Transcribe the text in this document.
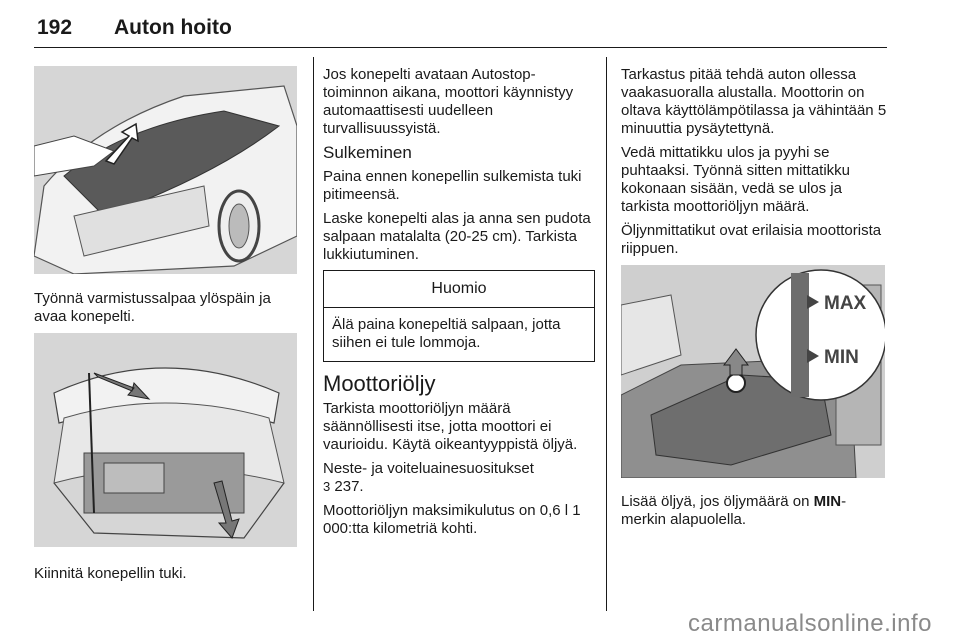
192 Auton hoito

Työnnä varmistussalpaa ylöspäin ja avaa konepelti.

Kiinnitä konepellin tuki.

Jos konepelti avataan Autostop-toiminnon aikana, moottori käynnistyy automaattisesti uudelleen turvallisuussyistä.

Sulkeminen

Paina ennen konepellin sulkemista tuki pitimeensä.

Laske konepelti alas ja anna sen pudota salpaan matalalta (20-25 cm). Tarkista lukkiutuminen.

Huomio
Älä paina konepeltiä salpaan, jotta siihen ei tule lommoja.
Moottoriöljy

Tarkista moottoriöljyn määrä säännöllisesti itse, jotta moottori ei vaurioidu. Käytä oikeantyyppistä öljyä.

Neste- ja voiteluainesuositukset
3 237.

Moottoriöljyn maksimikulutus on 0,6 l 1 000:tta kilometriä kohti.

Tarkastus pitää tehdä auton ollessa vaakasuoralla alustalla. Moottorin on oltava käyttölämpötilassa ja vähintään 5 minuuttia pysäytettynä.

Vedä mittatikku ulos ja pyyhi se puhtaaksi. Työnnä sitten mittatikku kokonaan sisään, vedä se ulos ja tarkista moottoriöljyn määrä.

Öljynmittatikut ovat erilaisia moottorista riippuen.

MAX
MIN

Lisää öljyä, jos öljymäärä on MIN-merkin alapuolella.

carmanualsonline.info
